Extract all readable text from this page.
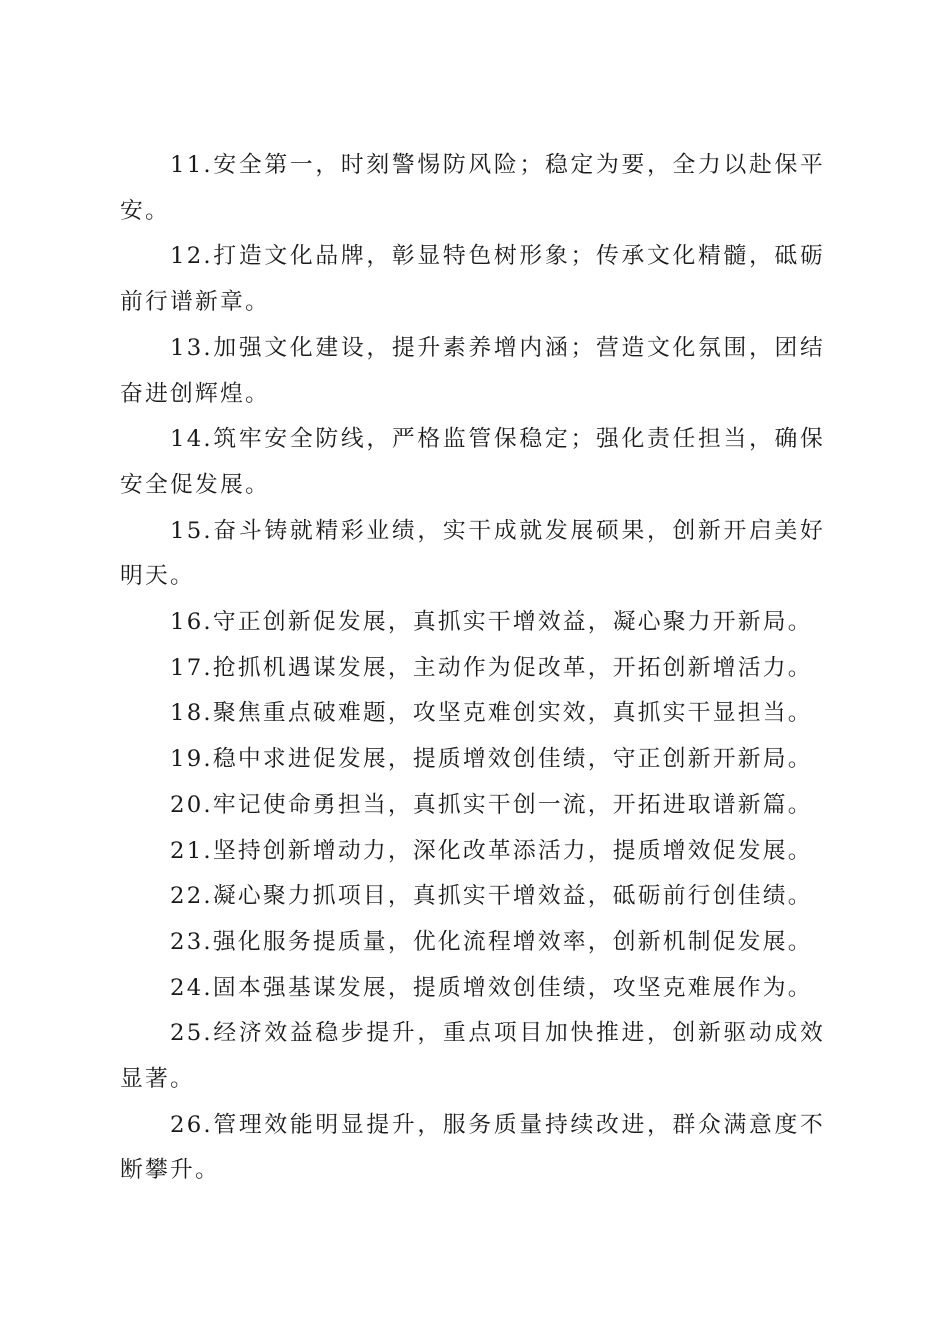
11.安全第一，时刻警惕防风险；稳定为要，全力以赴保平安。

12.打造文化品牌，彰显特色树形象；传承文化精髓，砥砺前行谱新章。

13.加强文化建设，提升素养增内涵；营造文化氛围，团结奋进创辉煌。

14.筑牢安全防线，严格监管保稳定；强化责任担当，确保安全促发展。

15.奋斗铸就精彩业绩，实干成就发展硕果，创新开启美好明天。

16.守正创新促发展，真抓实干增效益，凝心聚力开新局。

17.抢抓机遇谋发展，主动作为促改革，开拓创新增活力。

18.聚焦重点破难题，攻坚克难创实效，真抓实干显担当。

19.稳中求进促发展，提质增效创佳绩，守正创新开新局。

20.牢记使命勇担当，真抓实干创一流，开拓进取谱新篇。

21.坚持创新增动力，深化改革添活力，提质增效促发展。

22.凝心聚力抓项目，真抓实干增效益，砥砺前行创佳绩。

23.强化服务提质量，优化流程增效率，创新机制促发展。

24.固本强基谋发展，提质增效创佳绩，攻坚克难展作为。

25.经济效益稳步提升，重点项目加快推进，创新驱动成效显著。

26.管理效能明显提升，服务质量持续改进，群众满意度不断攀升。
